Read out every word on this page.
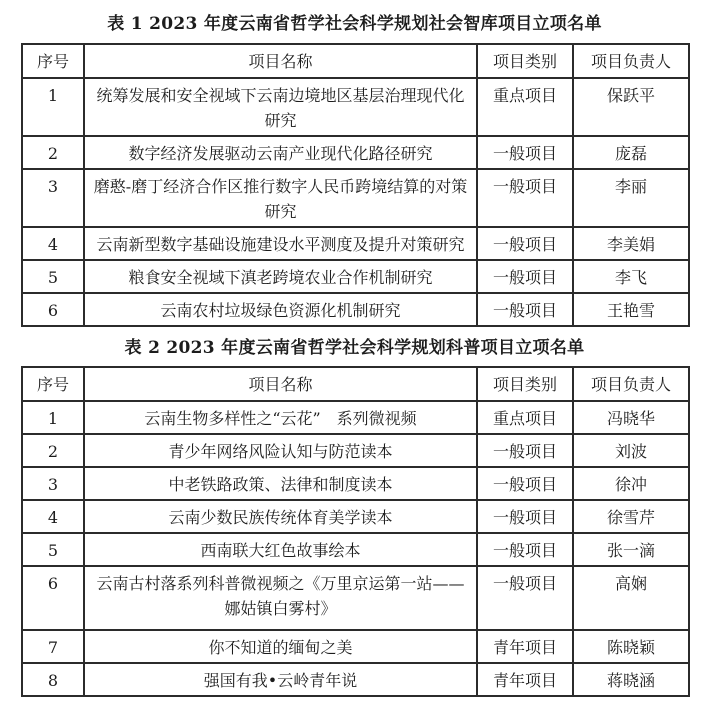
表 1 2023 年度云南省哲学社会科学规划社会智库项目立项名单
序号	项目名称	项目类别	项目负责人
1	统筹发展和安全视域下云南边境地区基层治理现代化研究	重点项目	保跃平
2	数字经济发展驱动云南产业现代化路径研究	一般项目	庞磊
3	磨憨-磨丁经济合作区推行数字人民币跨境结算的对策研究	一般项目	李丽
4	云南新型数字基础设施建设水平测度及提升对策研究	一般项目	李美娟
5	粮食安全视域下滇老跨境农业合作机制研究	一般项目	李飞
6	云南农村垃圾绿色资源化机制研究	一般项目	王艳雪
表 2 2023 年度云南省哲学社会科学规划科普项目立项名单
序号	项目名称	项目类别	项目负责人
1	云南生物多样性之“云花”　系列微视频	重点项目	冯晓华
2	青少年网络风险认知与防范读本	一般项目	刘波
3	中老铁路政策、法律和制度读本	一般项目	徐冲
4	云南少数民族传统体育美学读本	一般项目	徐雪芹
5	西南联大红色故事绘本	一般项目	张一滴
6	云南古村落系列科普微视频之《万里京运第一站——娜姑镇白雾村》	一般项目	高娴
7	你不知道的缅甸之美	青年项目	陈晓颖
8	强国有我•云岭青年说	青年项目	蒋晓涵
